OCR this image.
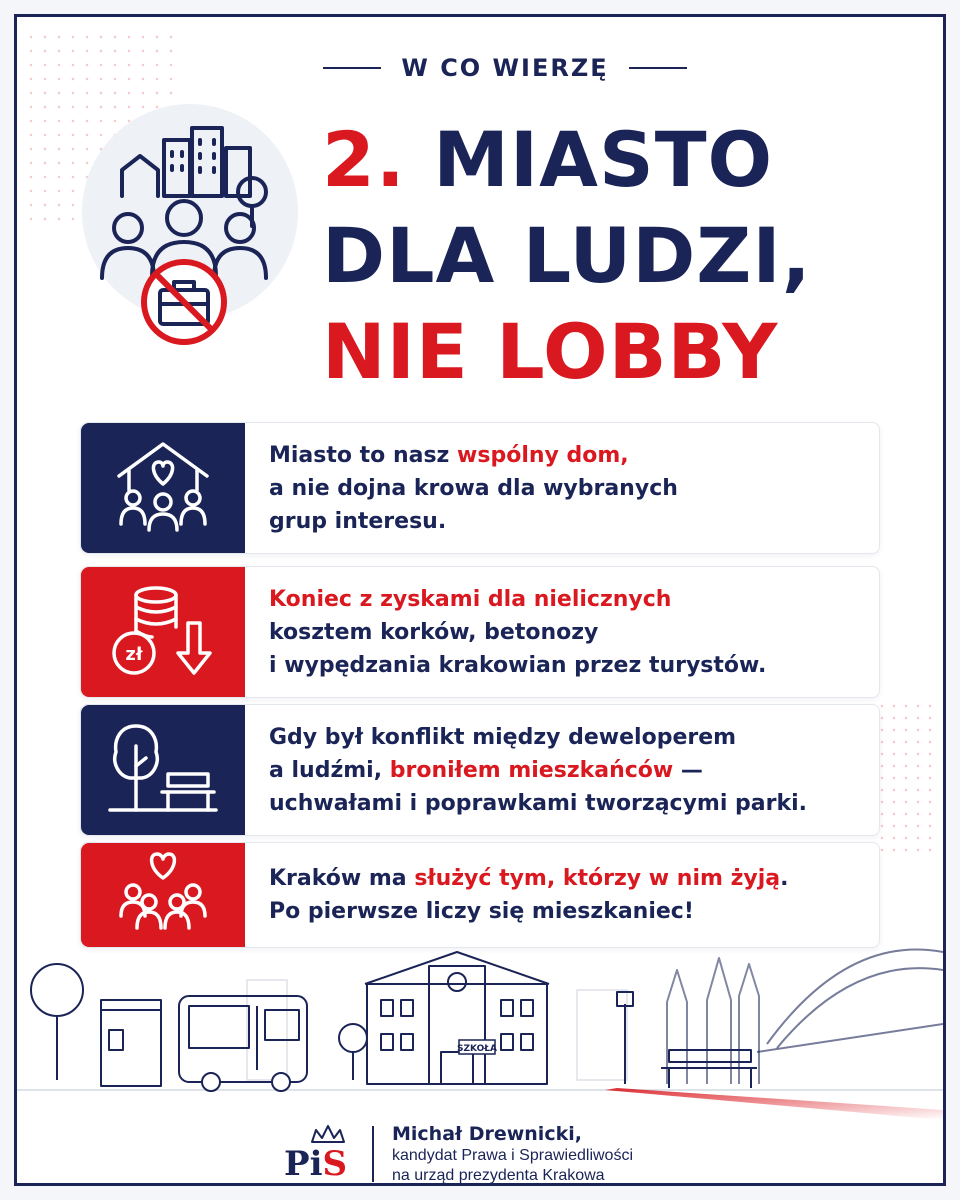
W CO WIERZĘ
2. MIASTO
DLA LUDZI,
NIE LOBBY

Miasto to nasz wspólny dom,

a nie dojna krowa dla wybranych

grup interesu.

zł

Koniec z zyskami dla nielicznych

kosztem korków, betonozy

i wypędzania krakowian przez turystów.

Gdy był konflikt między deweloperem

a ludźmi, broniłem mieszkańców —

uchwałami i poprawkami tworzącymi parki.

Kraków ma służyć tym, którzy w nim żyją.

Po pierwsze liczy się mieszkaniec!

SZKOŁA
PiS
Michał Drewnicki,
kandydat Prawa i Sprawiedliwości
na urząd prezydenta Krakowa
